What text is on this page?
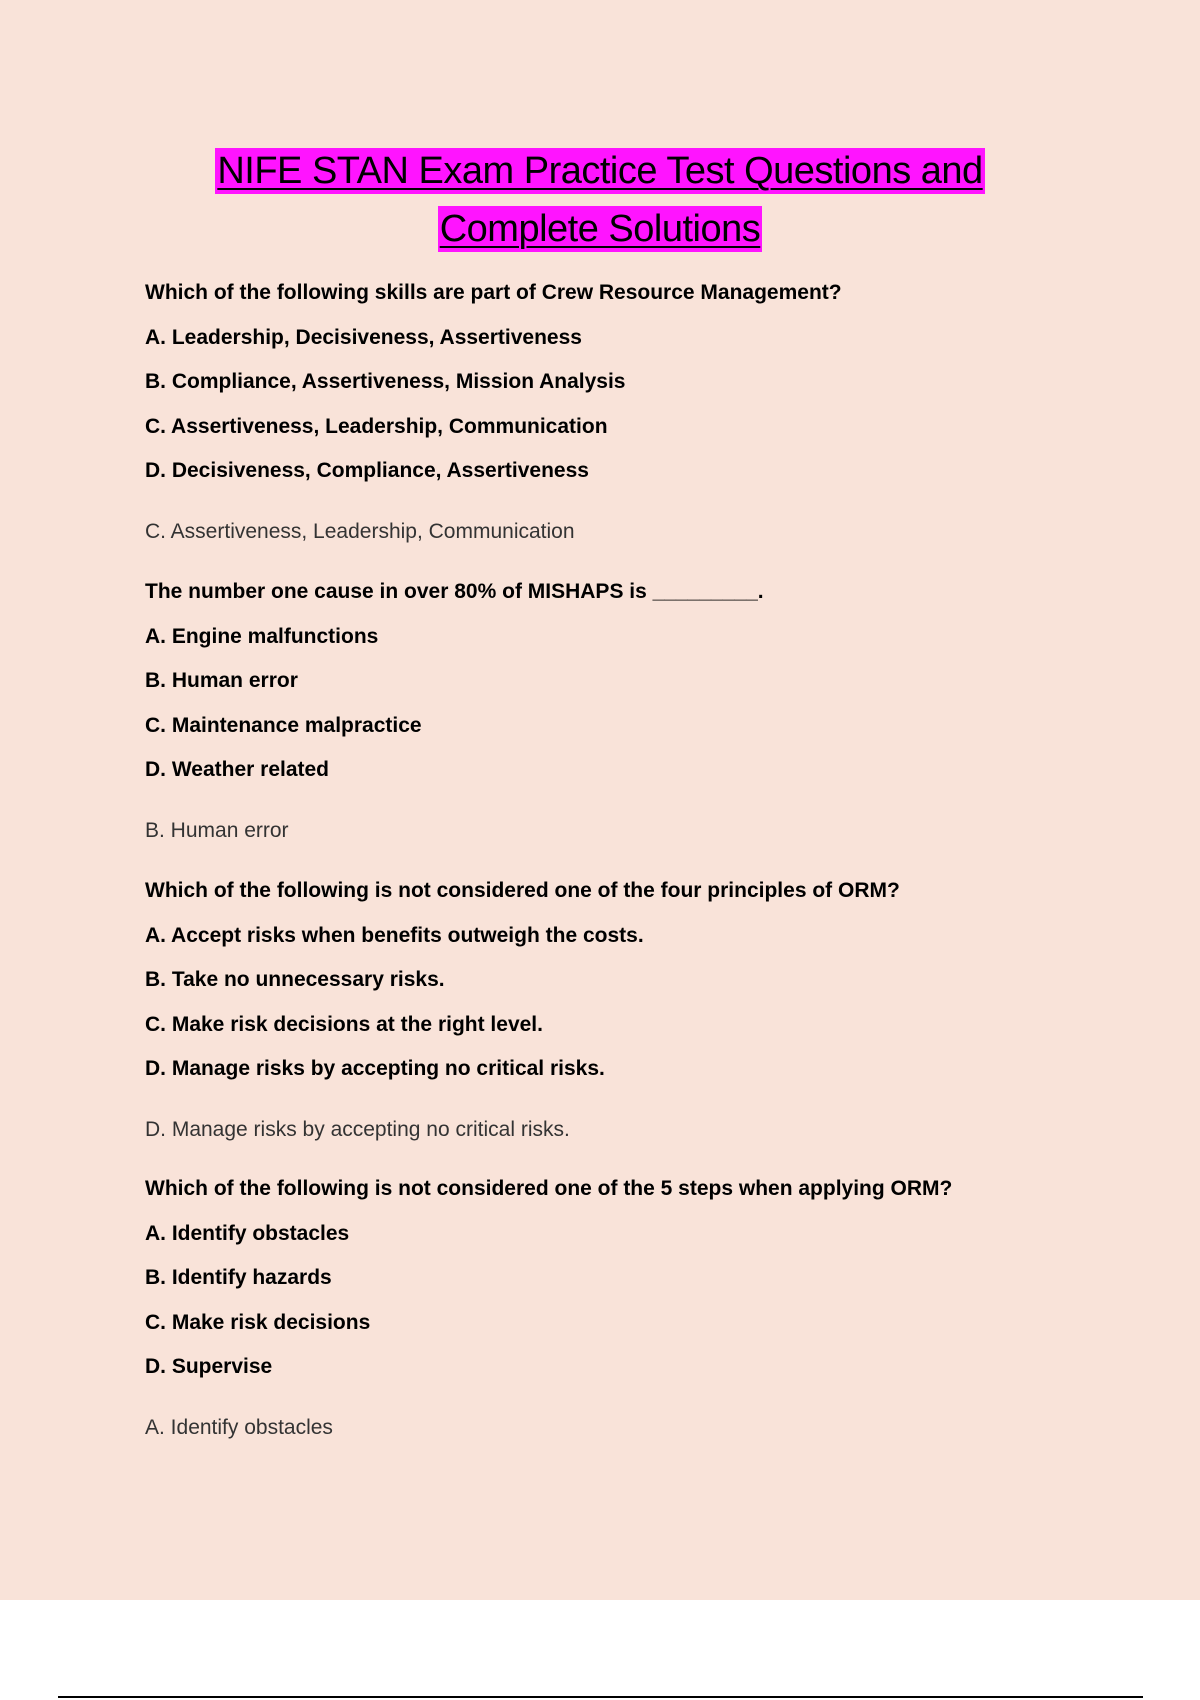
NIFE STAN Exam Practice Test Questions and
Complete Solutions
Which of the following skills are part of Crew Resource Management?
A. Leadership, Decisiveness, Assertiveness
B. Compliance, Assertiveness, Mission Analysis
C. Assertiveness, Leadership, Communication
D. Decisiveness, Compliance, Assertiveness
C. Assertiveness, Leadership, Communication
The number one cause in over 80% of MISHAPS is _________.
A. Engine malfunctions
B. Human error
C. Maintenance malpractice
D. Weather related
B. Human error
Which of the following is not considered one of the four principles of ORM?
A. Accept risks when benefits outweigh the costs.
B. Take no unnecessary risks.
C. Make risk decisions at the right level.
D. Manage risks by accepting no critical risks.
D. Manage risks by accepting no critical risks.
Which of the following is not considered one of the 5 steps when applying ORM?
A. Identify obstacles
B. Identify hazards
C. Make risk decisions
D. Supervise
A. Identify obstacles
